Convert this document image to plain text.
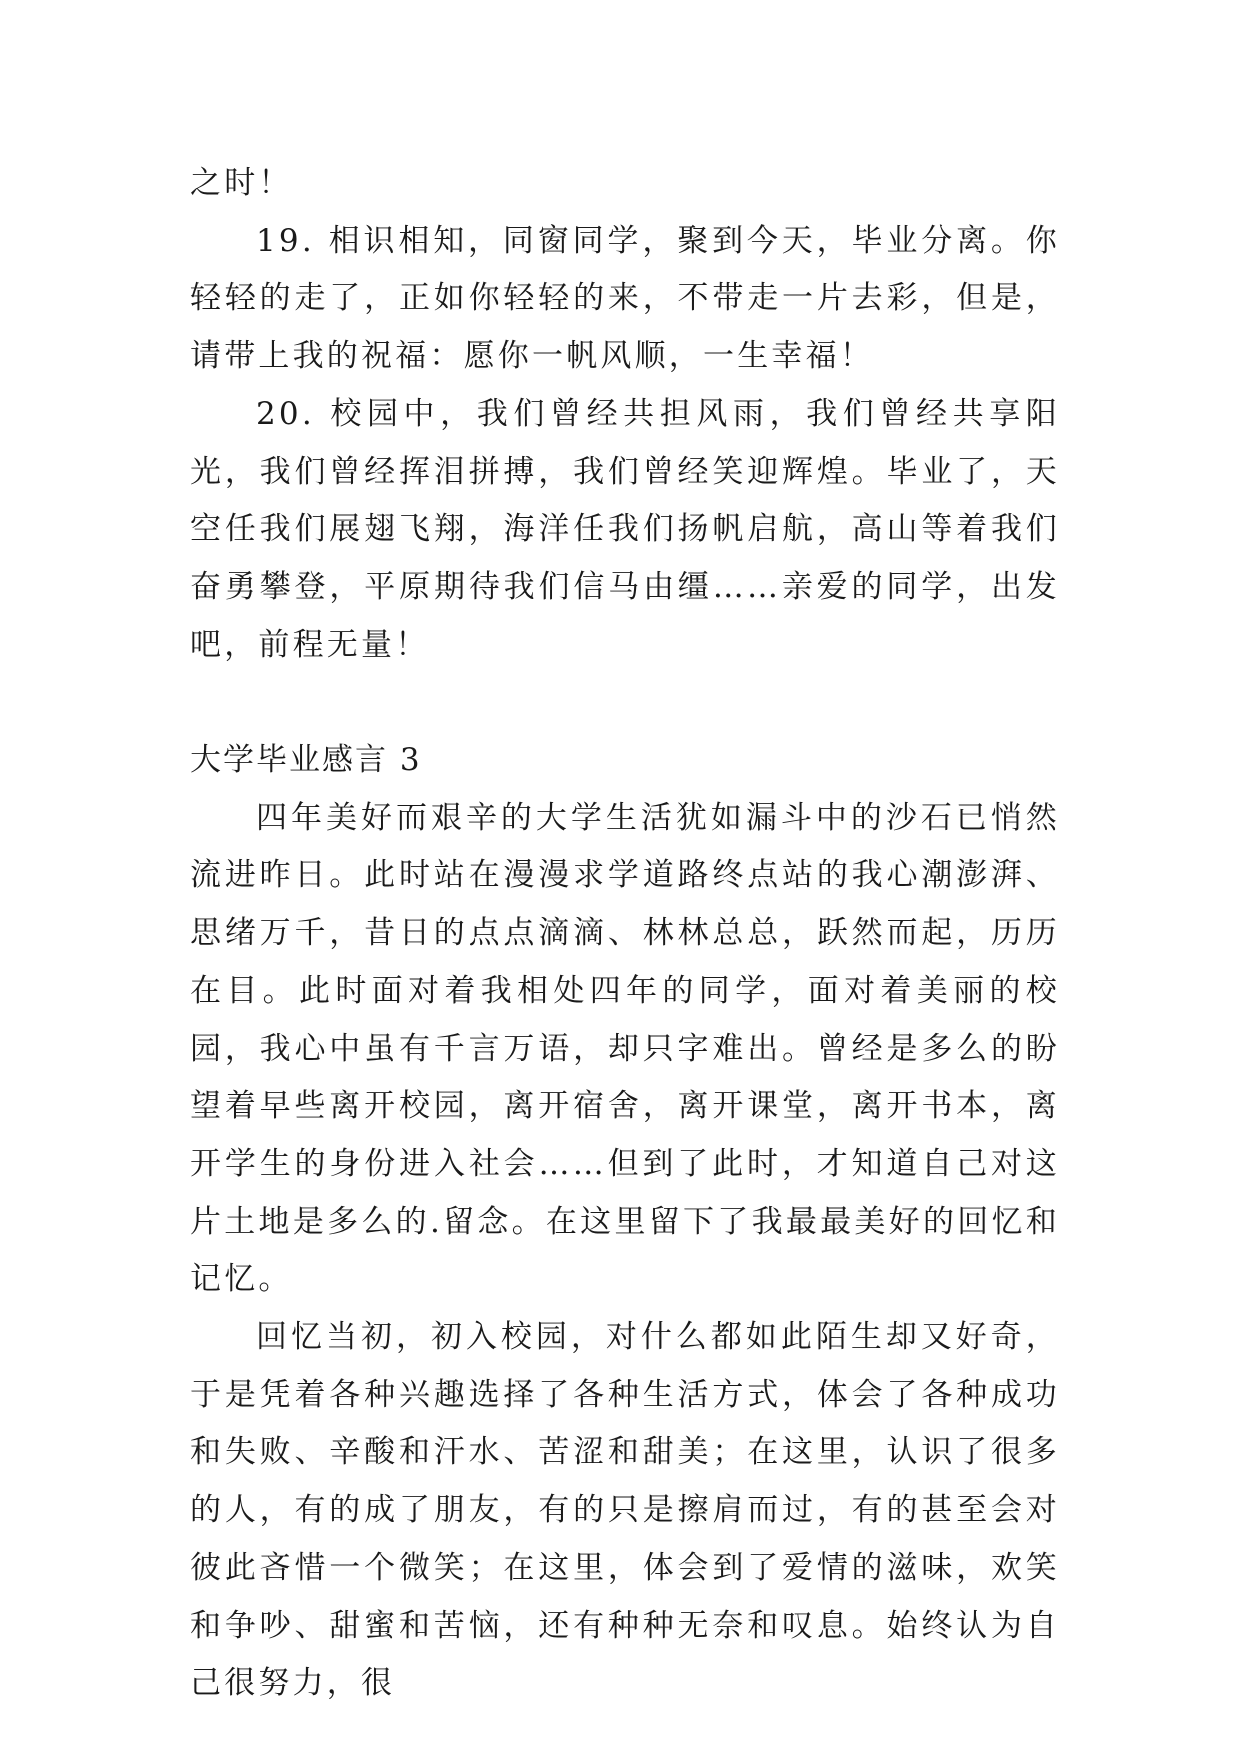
之时！

19. 相识相知，同窗同学，聚到今天，毕业分离。你轻轻的走了，正如你轻轻的来，不带走一片去彩，但是，请带上我的祝福：愿你一帆风顺，一生幸福！

20. 校园中，我们曾经共担风雨，我们曾经共享阳光，我们曾经挥泪拼搏，我们曾经笑迎辉煌。毕业了，天空任我们展翅飞翔，海洋任我们扬帆启航，高山等着我们奋勇攀登，平原期待我们信马由缰……亲爱的同学，出发吧，前程无量！

大学毕业感言 3

四年美好而艰辛的大学生活犹如漏斗中的沙石已悄然流进昨日。此时站在漫漫求学道路终点站的我心潮澎湃、思绪万千，昔日的点点滴滴、林林总总，跃然而起，历历在目。此时面对着我相处四年的同学，面对着美丽的校园，我心中虽有千言万语，却只字难出。曾经是多么的盼望着早些离开校园，离开宿舍，离开课堂，离开书本，离开学生的身份进入社会……但到了此时，才知道自己对这片土地是多么的.留念。在这里留下了我最最美好的回忆和记忆。

回忆当初，初入校园，对什么都如此陌生却又好奇，于是凭着各种兴趣选择了各种生活方式，体会了各种成功和失败、辛酸和汗水、苦涩和甜美；在这里，认识了很多的人，有的成了朋友，有的只是擦肩而过，有的甚至会对彼此吝惜一个微笑；在这里，体会到了爱情的滋味，欢笑和争吵、甜蜜和苦恼，还有种种无奈和叹息。始终认为自己很努力，很
